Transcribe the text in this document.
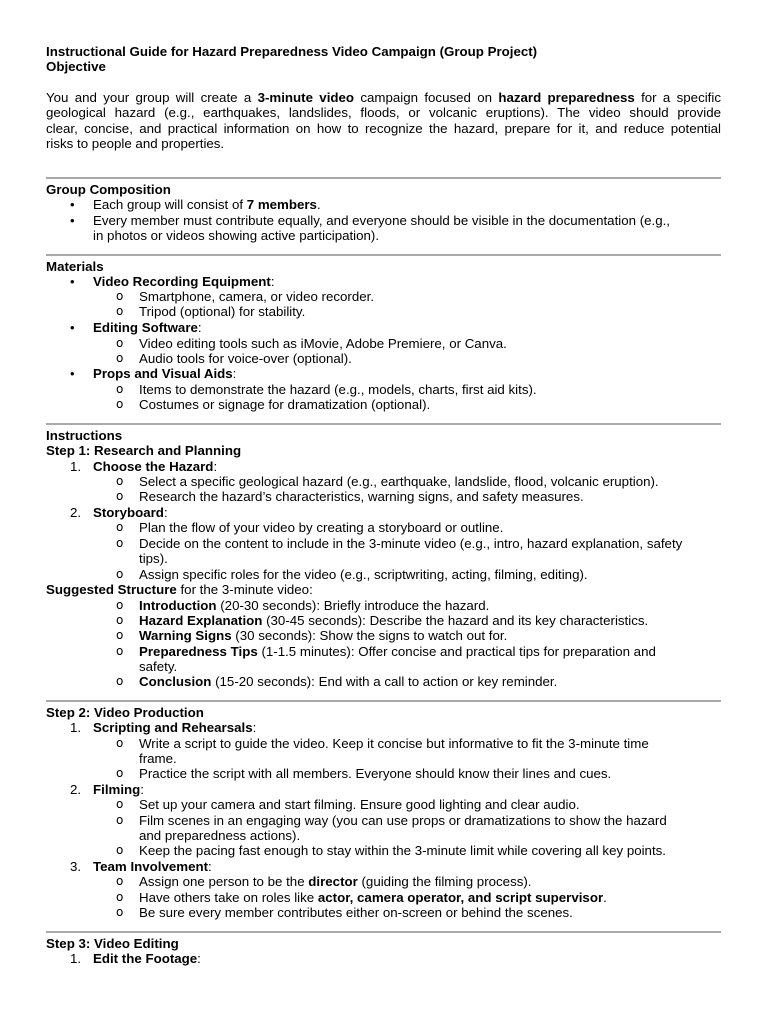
Instructional Guide for Hazard Preparedness Video Campaign (Group Project)
Objective
You and your group will create a 3-minute video campaign focused on hazard preparedness for a specific
geological hazard (e.g., earthquakes, landslides, floods, or volcanic eruptions). The video should provide
clear, concise, and practical information on how to recognize the hazard, prepare for it, and reduce potential
risks to people and properties.
Group Composition
• Each group will consist of 7 members.
• Every member must contribute equally, and everyone should be visible in the documentation (e.g.,
in photos or videos showing active participation).
Materials
• Video Recording Equipment:
o Smartphone, camera, or video recorder.
o Tripod (optional) for stability.
• Editing Software:
o Video editing tools such as iMovie, Adobe Premiere, or Canva.
o Audio tools for voice-over (optional).
• Props and Visual Aids:
o Items to demonstrate the hazard (e.g., models, charts, first aid kits).
o Costumes or signage for dramatization (optional).
Instructions
Step 1: Research and Planning
1. Choose the Hazard:
o Select a specific geological hazard (e.g., earthquake, landslide, flood, volcanic eruption).
o Research the hazard’s characteristics, warning signs, and safety measures.
2. Storyboard:
o Plan the flow of your video by creating a storyboard or outline.
o Decide on the content to include in the 3-minute video (e.g., intro, hazard explanation, safety
tips).
o Assign specific roles for the video (e.g., scriptwriting, acting, filming, editing).
Suggested Structure for the 3-minute video:
o Introduction (20-30 seconds): Briefly introduce the hazard.
o Hazard Explanation (30-45 seconds): Describe the hazard and its key characteristics.
o Warning Signs (30 seconds): Show the signs to watch out for.
o Preparedness Tips (1-1.5 minutes): Offer concise and practical tips for preparation and
safety.
o Conclusion (15-20 seconds): End with a call to action or key reminder.
Step 2: Video Production
1. Scripting and Rehearsals:
o Write a script to guide the video. Keep it concise but informative to fit the 3-minute time
frame.
o Practice the script with all members. Everyone should know their lines and cues.
2. Filming:
o Set up your camera and start filming. Ensure good lighting and clear audio.
o Film scenes in an engaging way (you can use props or dramatizations to show the hazard
and preparedness actions).
o Keep the pacing fast enough to stay within the 3-minute limit while covering all key points.
3. Team Involvement:
o Assign one person to be the director (guiding the filming process).
o Have others take on roles like actor, camera operator, and script supervisor.
o Be sure every member contributes either on-screen or behind the scenes.
Step 3: Video Editing
1. Edit the Footage:
